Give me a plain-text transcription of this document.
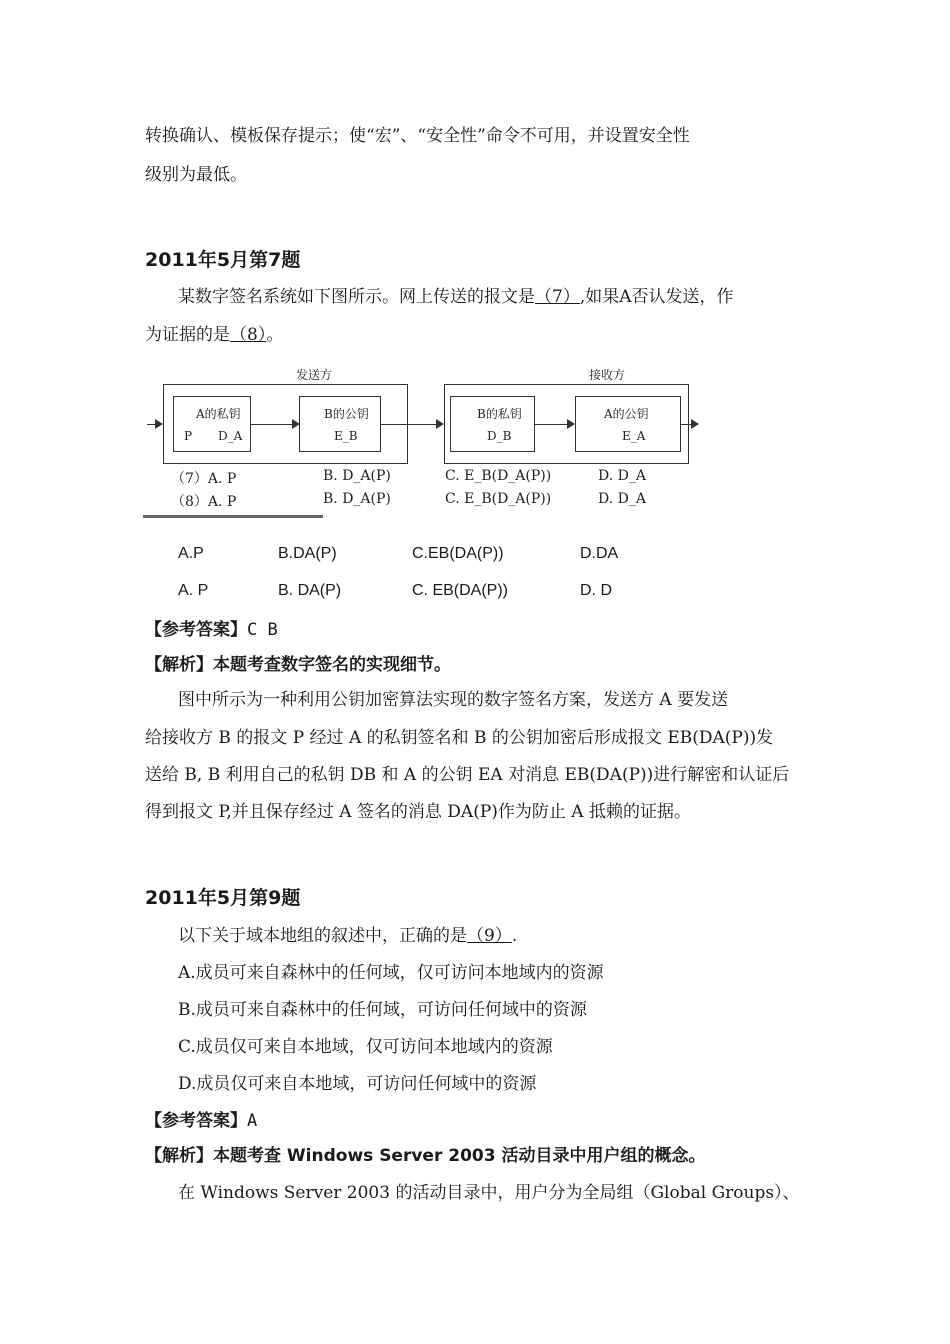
转换确认、模板保存提示；使“宏”、“安全性”命令不可用，并设置安全性
级别为最低。
2011年5月第7题
某数字签名系统如下图所示。网上传送的报文是（7）,如果A否认发送，作
为证据的是（8）。
发送方	接收方
A的私钥
P D_A
B的公钥
E_B
B的私钥
D_B
A的公钥
E_A
（7）A. P	B. D_A(P)	C. E_B(D_A(P))	D. D_A
（8）A. P	B. D_A(P)	C. E_B(D_A(P))	D. D_A
A.P	B.DA(P)	C.EB(DA(P))	D.DA
A. P	B. DA(P)	C. EB(DA(P))	D. D
【参考答案】C B
【解析】本题考查数字签名的实现细节。
图中所示为一种利用公钥加密算法实现的数字签名方案，发送方 A 要发送
给接收方 B 的报文 P 经过 A 的私钥签名和 B 的公钥加密后形成报文 EB(DA(P))发
送给 B, B 利用自己的私钥 DB 和 A 的公钥 EA 对消息 EB(DA(P))进行解密和认证后
得到报文 P,并且保存经过 A 签名的消息 DA(P)作为防止 A 抵赖的证据。
2011年5月第9题
以下关于域本地组的叙述中，正确的是（9）.
A.成员可来自森林中的任何域，仅可访问本地域内的资源
B.成员可来自森林中的任何域，可访问任何域中的资源
C.成员仅可来自本地域，仅可访问本地域内的资源
D.成员仅可来自本地域，可访问任何域中的资源
【参考答案】A
【解析】本题考查 Windows Server 2003 活动目录中用户组的概念。
在 Windows Server 2003 的活动目录中，用户分为全局组（Global Groups）、
